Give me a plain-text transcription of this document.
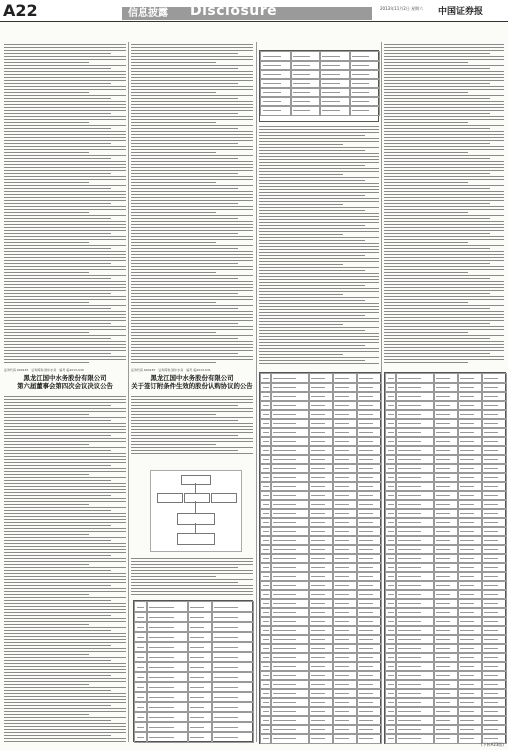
A22	信息披露 Disclosure	2013年11月2日 星期六 中国证券报
证券代码 600187　证券简称 国中水务　编号 临2013-030
黑龙江国中水务股份有限公司
第六届董事会第四次会议决议公告
证券代码 600187　证券简称 国中水务　编号 临2013-031
黑龙江国中水务股份有限公司
关于签订附条件生效的股份认购协议的公告
(下转A23版)
